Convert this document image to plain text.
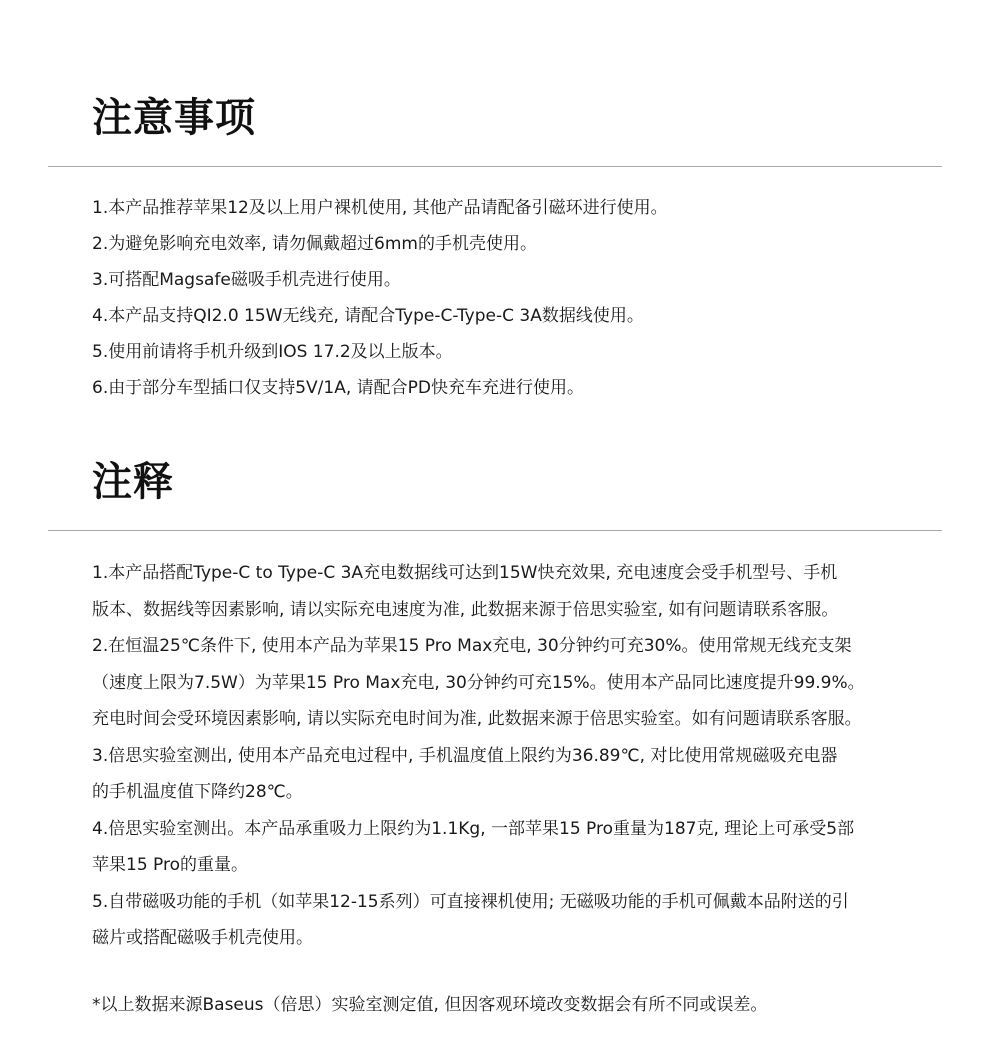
注意事项
1.本产品推荐苹果12及以上用户裸机使用, 其他产品请配备引磁环进行使用。
2.为避免影响充电效率, 请勿佩戴超过6mm的手机壳使用。
3.可搭配Magsafe磁吸手机壳进行使用。
4.本产品支持QI2.0 15W无线充, 请配合Type-C-Type-C 3A数据线使用。
5.使用前请将手机升级到IOS 17.2及以上版本。
6.由于部分车型插口仅支持5V/1A, 请配合PD快充车充进行使用。
注释
1.本产品搭配Type-C to Type-C 3A充电数据线可达到15W快充效果, 充电速度会受手机型号、手机
版本、数据线等因素影响, 请以实际充电速度为准, 此数据来源于倍思实验室, 如有问题请联系客服。
2.在恒温25℃条件下, 使用本产品为苹果15 Pro Max充电, 30分钟约可充30%。使用常规无线充支架
（速度上限为7.5W）为苹果15 Pro Max充电, 30分钟约可充15%。使用本产品同比速度提升99.9%。
充电时间会受环境因素影响, 请以实际充电时间为准, 此数据来源于倍思实验室。如有问题请联系客服。
3.倍思实验室测出, 使用本产品充电过程中, 手机温度值上限约为36.89℃, 对比使用常规磁吸充电器
的手机温度值下降约28℃。
4.倍思实验室测出。本产品承重吸力上限约为1.1Kg, 一部苹果15 Pro重量为187克, 理论上可承受5部
苹果15 Pro的重量。
5.自带磁吸功能的手机（如苹果12-15系列）可直接裸机使用; 无磁吸功能的手机可佩戴本品附送的引
磁片或搭配磁吸手机壳使用。

*以上数据来源Baseus（倍思）实验室测定值, 但因客观环境改变数据会有所不同或误差。
